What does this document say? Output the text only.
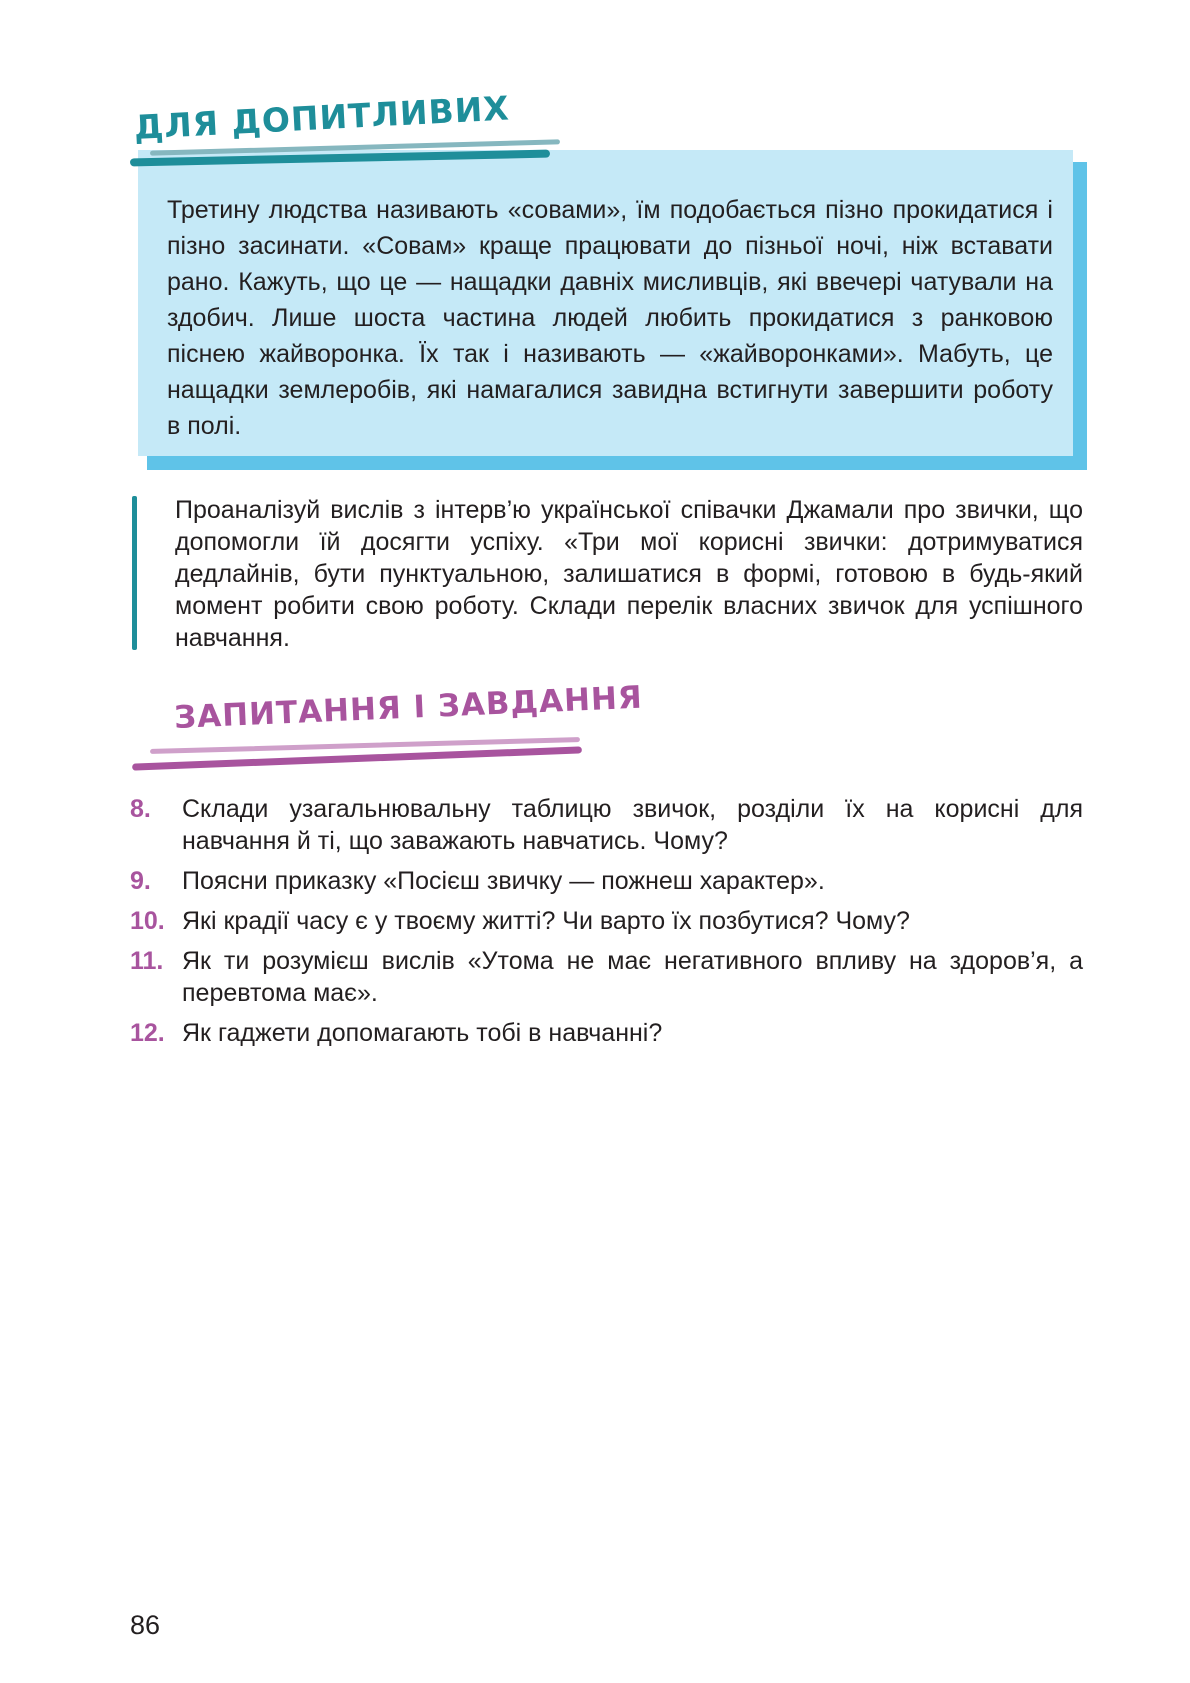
ДЛЯ ДОПИТЛИВИХ
Третину людства називають «совами», їм подобається пізно прокидатися і пізно засинати. «Совам» краще працювати до пізньої ночі, ніж вставати рано. Кажуть, що це — нащадки давніх мисливців, які ввечері чатували на здобич. Лише шоста частина людей любить прокидатися з ранковою піснею жайворонка. Їх так і називають — «жайворонками». Мабуть, це нащадки землеробів, які намагалися завидна встигнути завершити роботу в полі.
Проаналізуй вислів з інтерв’ю української співачки Джамали про звички, що допомогли їй досягти успіху. «Три мої корисні звички: дотримуватися дедлайнів, бути пунктуальною, залишатися в формі, готовою в будь-який момент робити свою роботу. Склади перелік власних звичок для успішного навчання.
ЗАПИТАННЯ І ЗАВДАННЯ
8.	Склади узагальнювальну таблицю звичок, розділи їх на корисні для навчання й ті, що заважають навчатись. Чому?
9.	Поясни приказку «Посієш звичку — пожнеш характер».
10. Які крадії часу є у твоєму житті? Чи варто їх позбутися? Чому?
11. Як ти розумієш вислів «Утома не має негативного впливу на здоров’я, а перевтома має».
12. Як гаджети допомагають тобі в навчанні?
86
